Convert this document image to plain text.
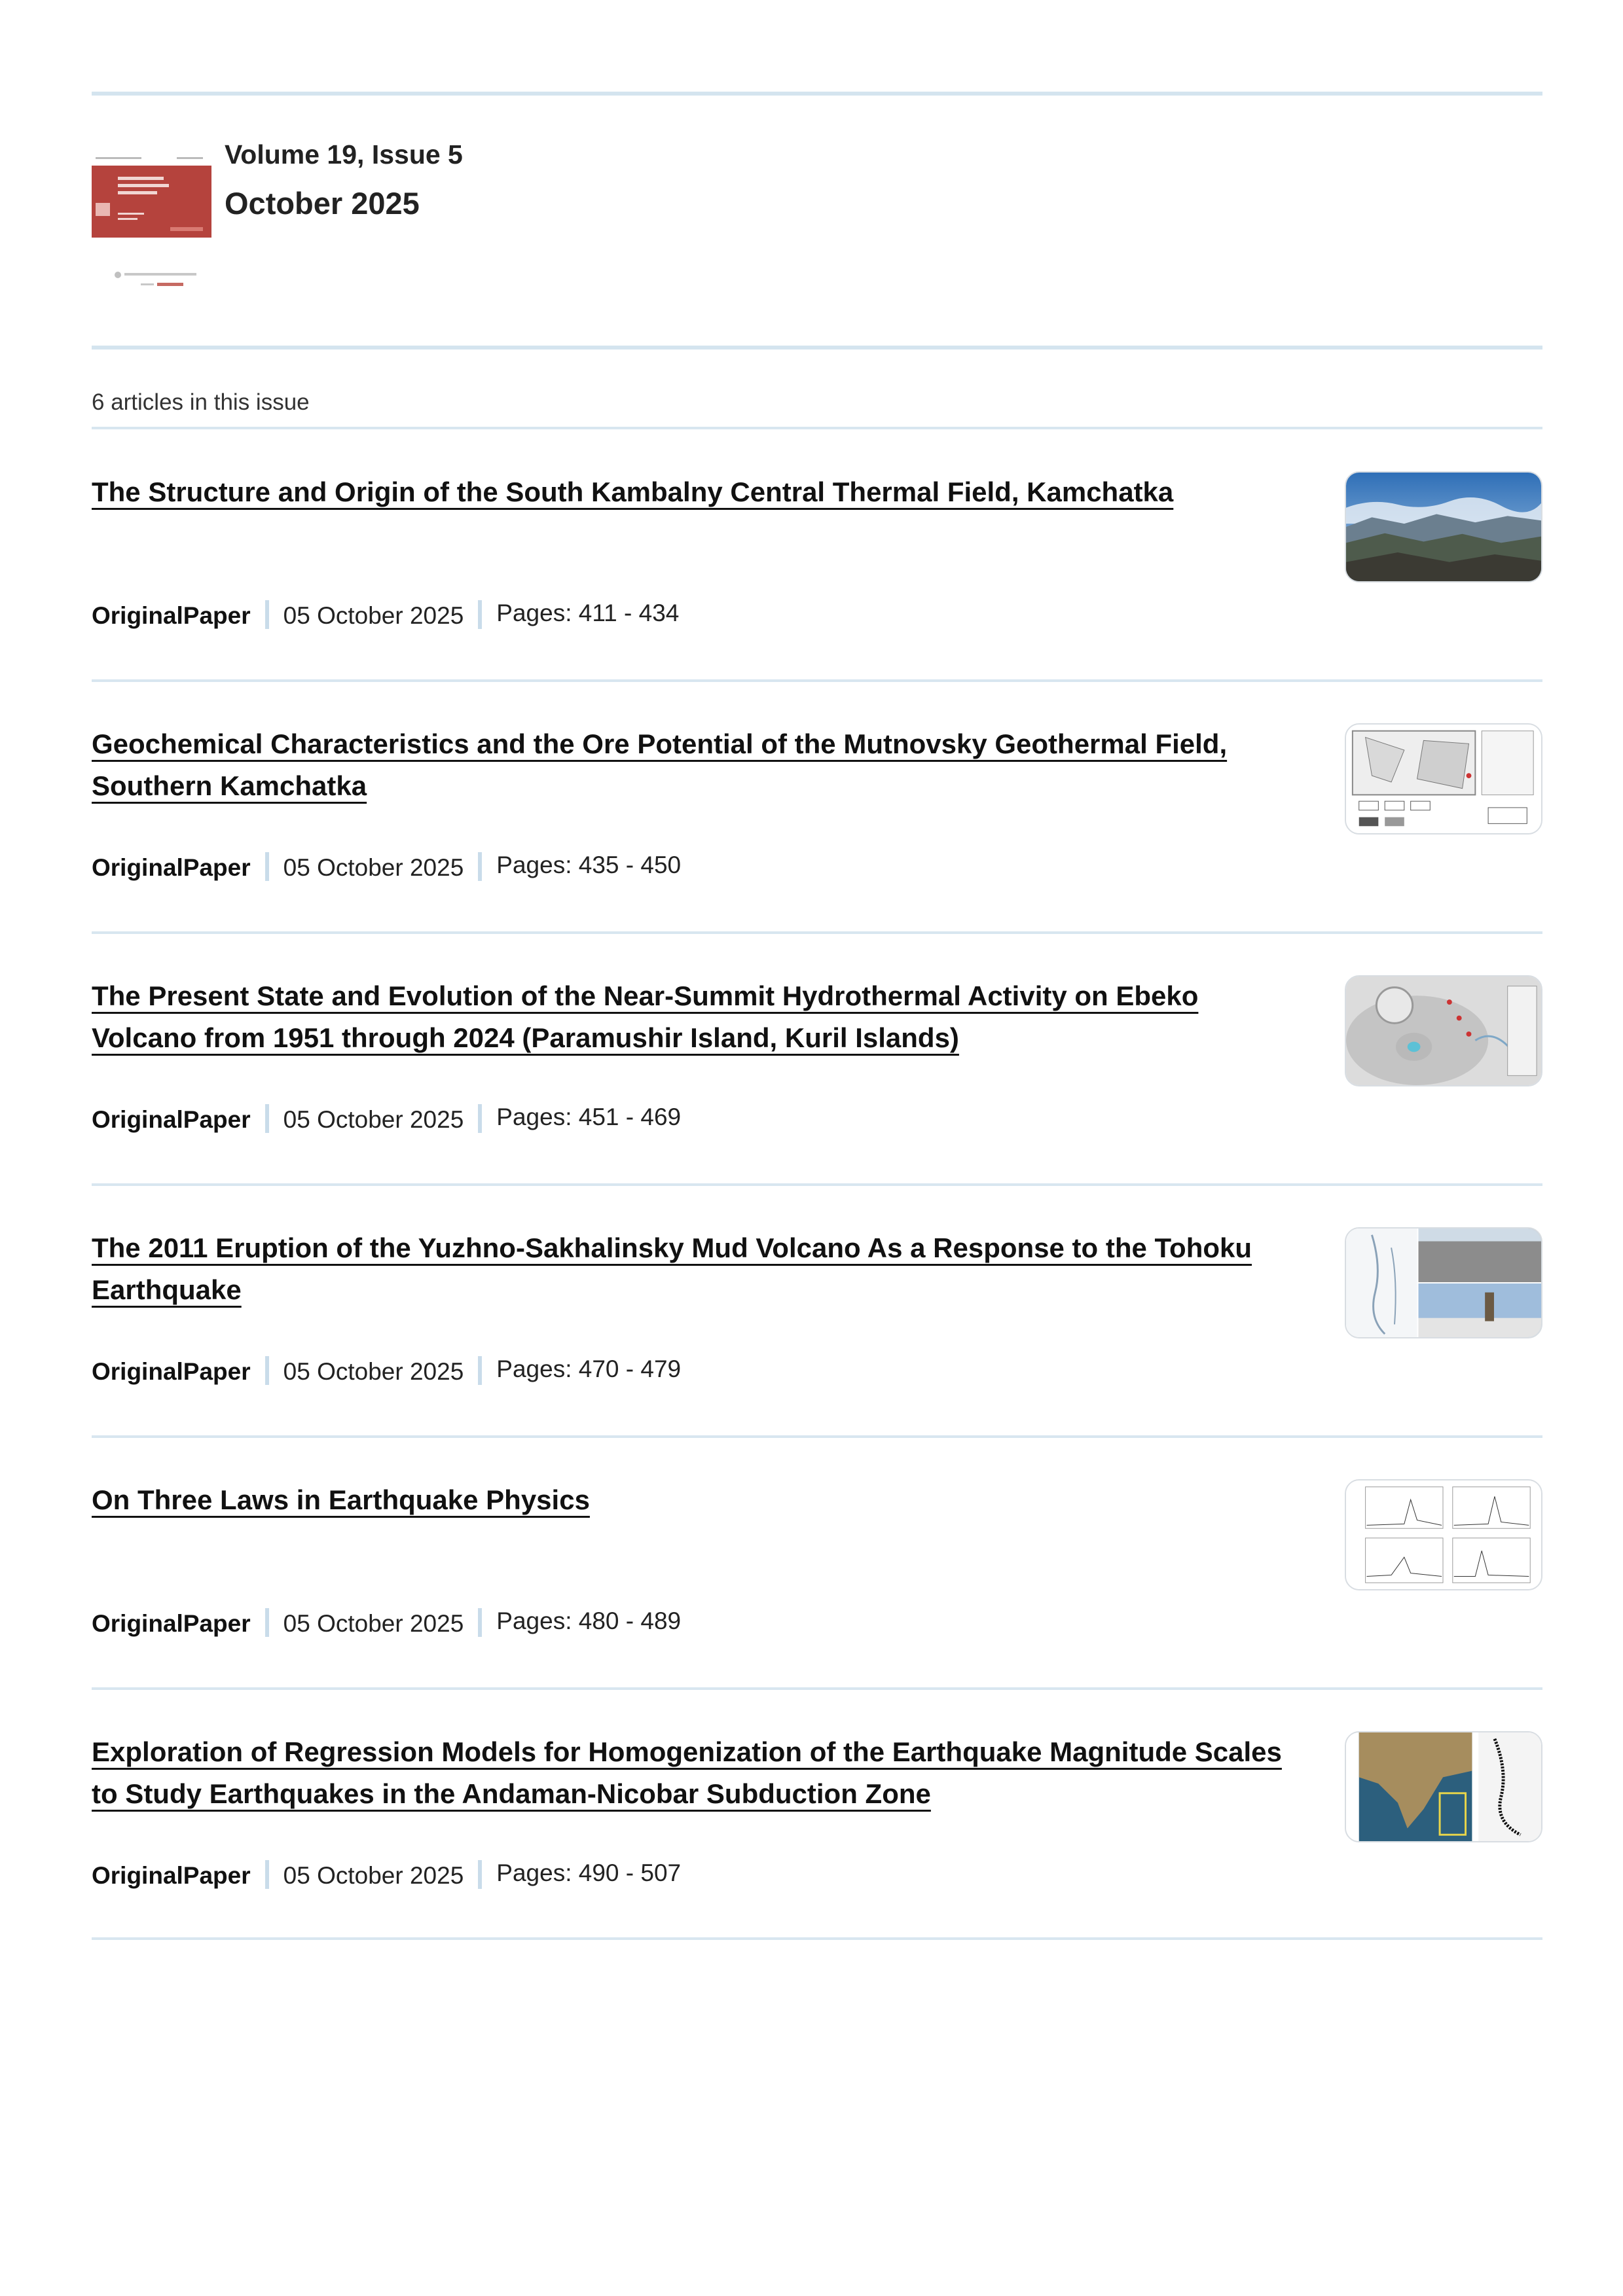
Volume 19, Issue 5
October 2025
6 articles in this issue
The Structure and Origin of the South Kambalny Central Thermal Field, Kamchatka
OriginalPaper 05 October 2025 Pages: 411 - 434
Geochemical Characteristics and the Ore Potential of the Mutnovsky Geothermal Field, Southern Kamchatka
OriginalPaper 05 October 2025 Pages: 435 - 450
The Present State and Evolution of the Near-Summit Hydrothermal Activity on Ebeko Volcano from 1951 through 2024 (Paramushir Island, Kuril Islands)
OriginalPaper 05 October 2025 Pages: 451 - 469
The 2011 Eruption of the Yuzhno-Sakhalinsky Mud Volcano As a Response to the Tohoku Earthquake
OriginalPaper 05 October 2025 Pages: 470 - 479
On Three Laws in Earthquake Physics
OriginalPaper 05 October 2025 Pages: 480 - 489
Exploration of Regression Models for Homogenization of the Earthquake Magnitude Scales to Study Earthquakes in the Andaman-Nicobar Subduction Zone
OriginalPaper 05 October 2025 Pages: 490 - 507
